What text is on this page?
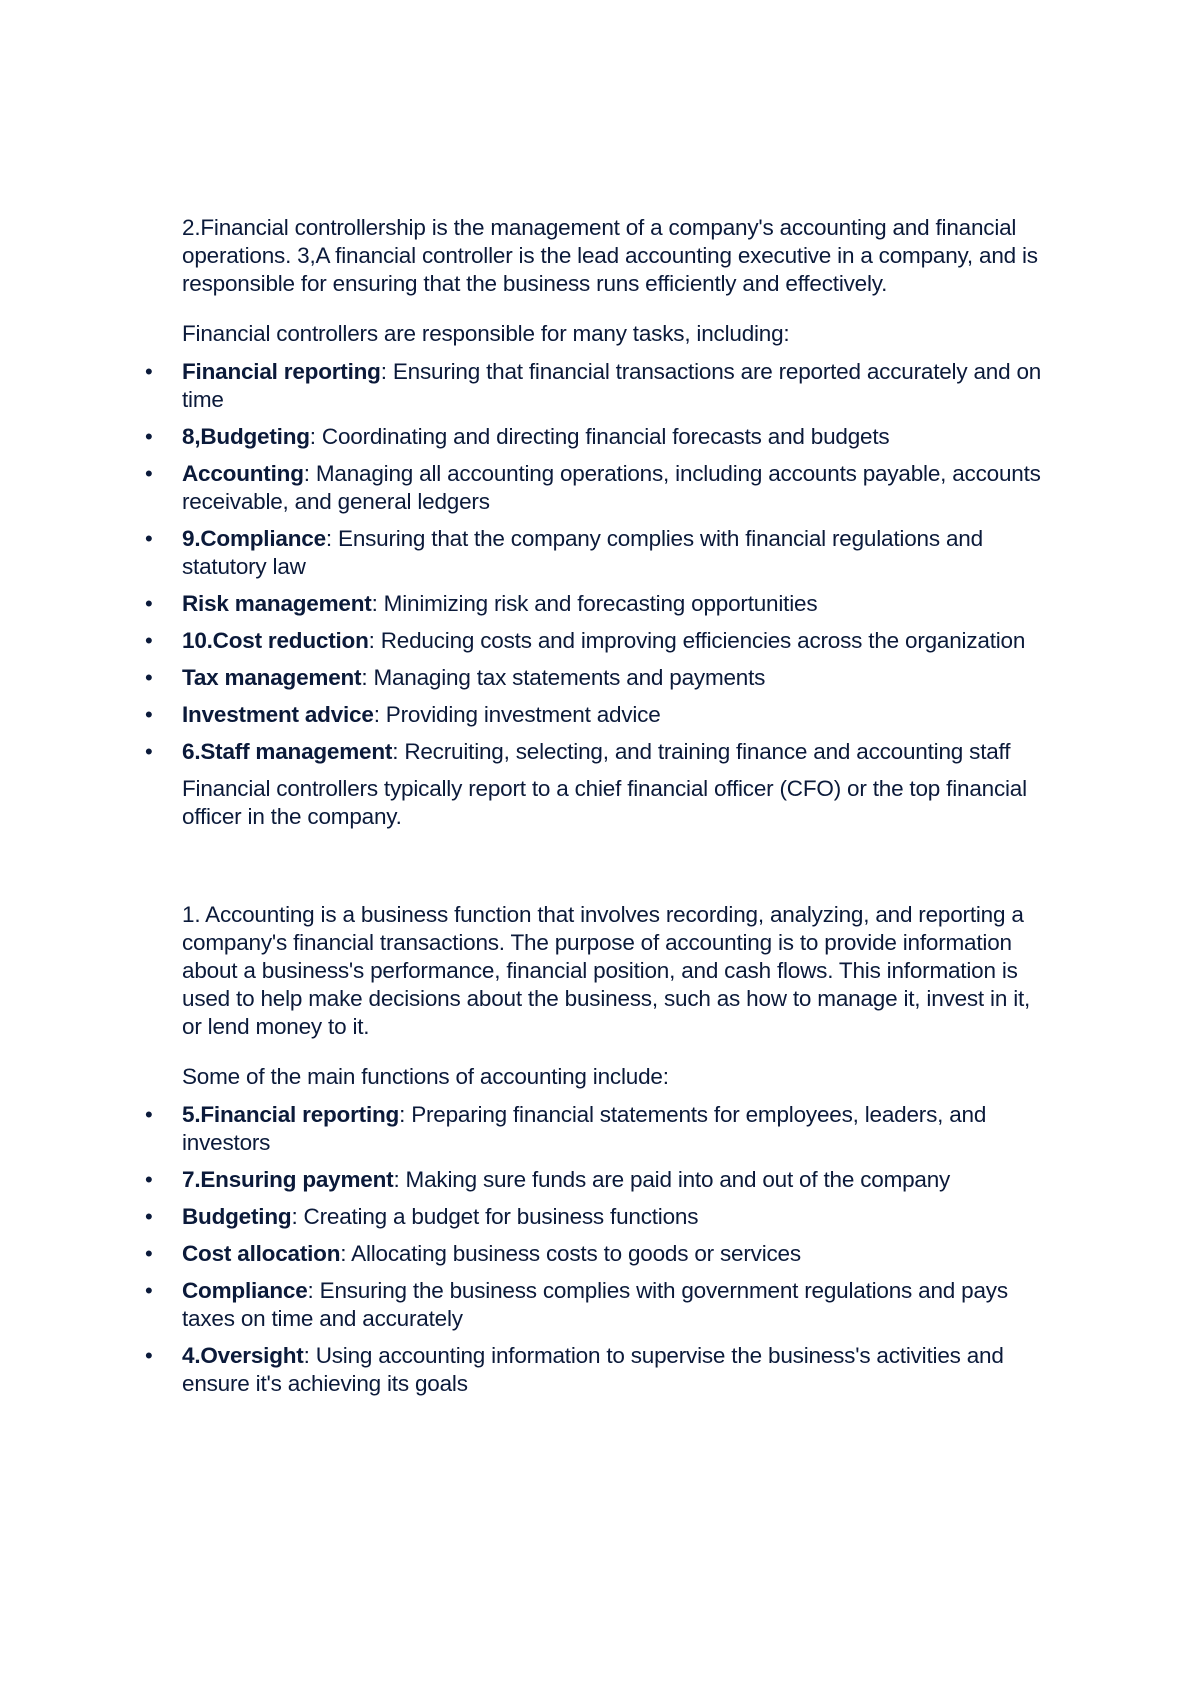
2.Financial controllership is the management of a company's accounting and financial operations. 3,A financial controller is the lead accounting executive in a company, and is responsible for ensuring that the business runs efficiently and effectively.

Financial controllers are responsible for many tasks, including:

• Financial reporting: Ensuring that financial transactions are reported accurately and on time
• 8,Budgeting: Coordinating and directing financial forecasts and budgets
• Accounting: Managing all accounting operations, including accounts payable, accounts receivable, and general ledgers
• 9.Compliance: Ensuring that the company complies with financial regulations and statutory law
• Risk management: Minimizing risk and forecasting opportunities
• 10.Cost reduction: Reducing costs and improving efficiencies across the organization
• Tax management: Managing tax statements and payments
• Investment advice: Providing investment advice
• 6.Staff management: Recruiting, selecting, and training finance and accounting staff

Financial controllers typically report to a chief financial officer (CFO) or the top financial officer in the company.

1. Accounting is a business function that involves recording, analyzing, and reporting a company's financial transactions. The purpose of accounting is to provide information about a business's performance, financial position, and cash flows. This information is used to help make decisions about the business, such as how to manage it, invest in it, or lend money to it.

Some of the main functions of accounting include:

• 5.Financial reporting: Preparing financial statements for employees, leaders, and investors
• 7.Ensuring payment: Making sure funds are paid into and out of the company
• Budgeting: Creating a budget for business functions
• Cost allocation: Allocating business costs to goods or services
• Compliance: Ensuring the business complies with government regulations and pays taxes on time and accurately
• 4.Oversight: Using accounting information to supervise the business's activities and ensure it's achieving its goals
